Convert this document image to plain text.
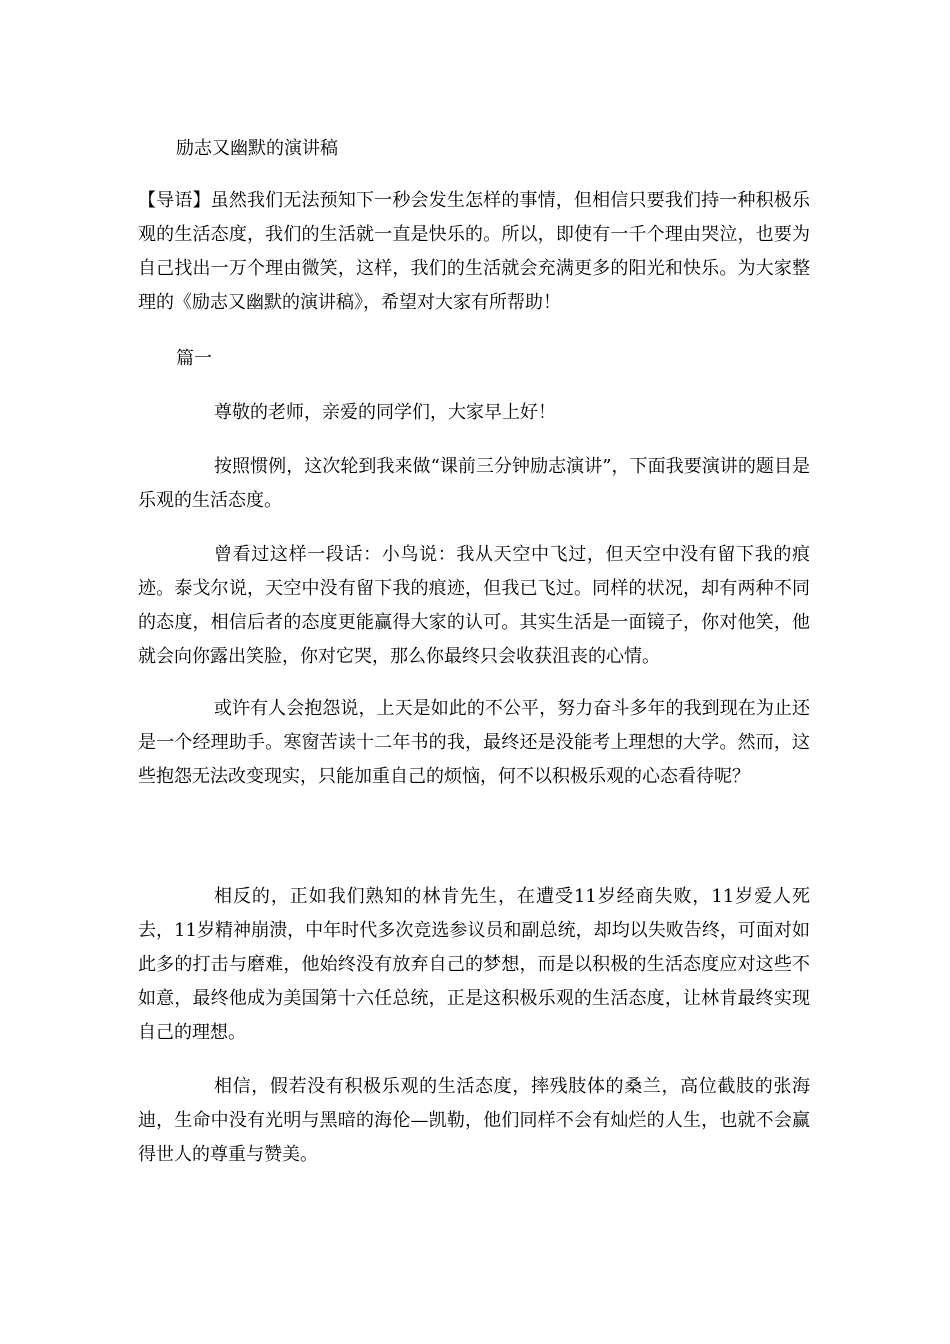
励志又幽默的演讲稿

【导语】虽然我们无法预知下一秒会发生怎样的事情，但相信只要我们持一种积极乐观的生活态度，我们的生活就一直是快乐的。所以，即使有一千个理由哭泣，也要为自己找出一万个理由微笑，这样，我们的生活就会充满更多的阳光和快乐。为大家整理的《励志又幽默的演讲稿》，希望对大家有所帮助！

篇一

尊敬的老师，亲爱的同学们，大家早上好！

按照惯例，这次轮到我来做“课前三分钟励志演讲”，下面我要演讲的题目是乐观的生活态度。

曾看过这样一段话：小鸟说：我从天空中飞过，但天空中没有留下我的痕迹。泰戈尔说，天空中没有留下我的痕迹，但我已飞过。同样的状况，却有两种不同的态度，相信后者的态度更能赢得大家的认可。其实生活是一面镜子，你对他笑，他就会向你露出笑脸，你对它哭，那么你最终只会收获沮丧的心情。

或许有人会抱怨说，上天是如此的不公平，努力奋斗多年的我到现在为止还是一个经理助手。寒窗苦读十二年书的我，最终还是没能考上理想的大学。然而，这些抱怨无法改变现实，只能加重自己的烦恼，何不以积极乐观的心态看待呢？

相反的，正如我们熟知的林肯先生，在遭受11岁经商失败，11岁爱人死去，11岁精神崩溃，中年时代多次竞选参议员和副总统，却均以失败告终，可面对如此多的打击与磨难，他始终没有放弃自己的梦想，而是以积极的生活态度应对这些不如意，最终他成为美国第十六任总统，正是这积极乐观的生活态度，让林肯最终实现自己的理想。

相信，假若没有积极乐观的生活态度，摔残肢体的桑兰，高位截肢的张海迪，生命中没有光明与黑暗的海伦—凯勒，他们同样不会有灿烂的人生，也就不会赢得世人的尊重与赞美。
